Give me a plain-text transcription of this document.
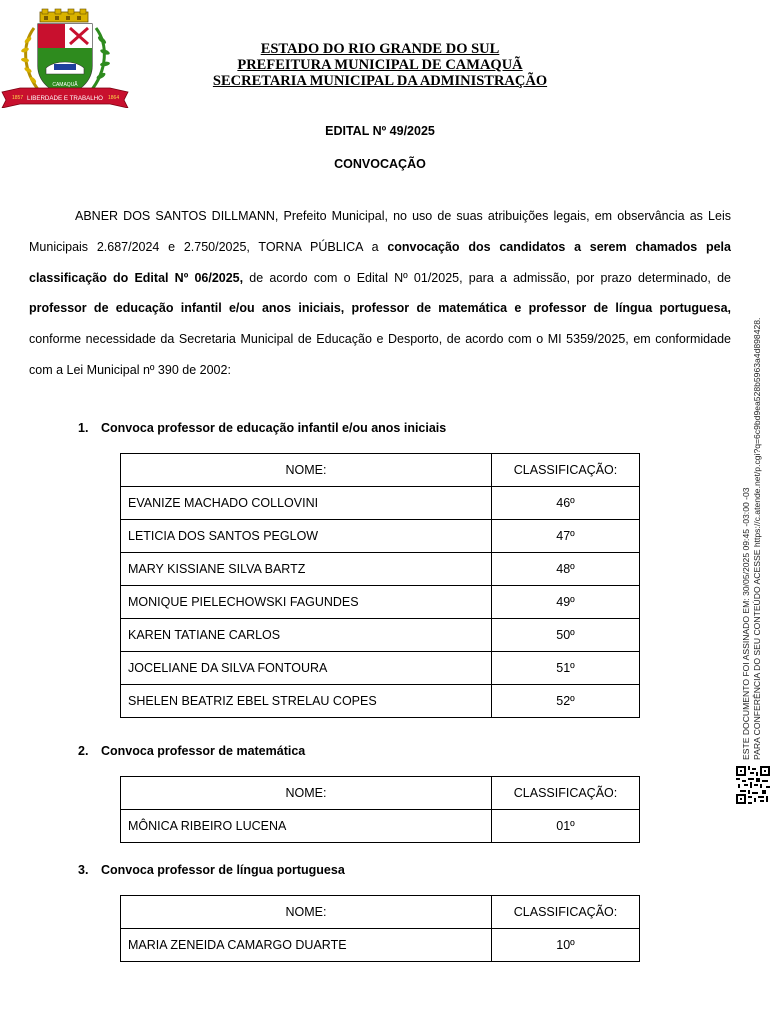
CAMAQUÃ
1857 LIBERDADE E TRABALHO 1864
ESTADO DO RIO GRANDE DO SUL
PREFEITURA MUNICIPAL DE CAMAQUÃ
SECRETARIA MUNICIPAL DA ADMINISTRAÇÃO
EDITAL Nº 49/2025
CONVOCAÇÃO

ABNER DOS SANTOS DILLMANN, Prefeito Municipal, no uso de suas atribuições legais, em observância as Leis Municipais 2.687/2024 e 2.750/2025, TORNA PÚBLICA a convocação dos candidatos a serem chamados pela classificação do Edital Nº 06/2025, de acordo com o Edital Nº 01/2025, para a admissão, por prazo determinado, de professor de educação infantil e/ou anos iniciais, professor de matemática e professor de língua portuguesa, conforme necessidade da Secretaria Municipal de Educação e Desporto, de acordo com o MI 5359/2025, em conformidade com a Lei Municipal nº 390 de 2002:

1. Convoca professor de educação infantil e/ou anos iniciais
NOME:	CLASSIFICAÇÃO:
EVANIZE MACHADO COLLOVINI	46º
LETICIA DOS SANTOS PEGLOW	47º
MARY KISSIANE SILVA BARTZ	48º
MONIQUE PIELECHOWSKI FAGUNDES	49º
KAREN TATIANE CARLOS	50º
JOCELIANE DA SILVA FONTOURA	51º
SHELEN BEATRIZ EBEL STRELAU COPES	52º
2. Convoca professor de matemática
NOME:	CLASSIFICAÇÃO:
MÔNICA RIBEIRO LUCENA	01º
3. Convoca professor de língua portuguesa
NOME:	CLASSIFICAÇÃO:
MARIA ZENEIDA CAMARGO DUARTE	10º
ESTE DOCUMENTO FOI ASSINADO EM: 30/05/2025 09:45 -03:00 -03 PARA CONFERÊNCIA DO SEU CONTEÚDO ACESSE https://c.atende.net/p.cgi?q=6c9bd9ea528b5963a4d898428.
